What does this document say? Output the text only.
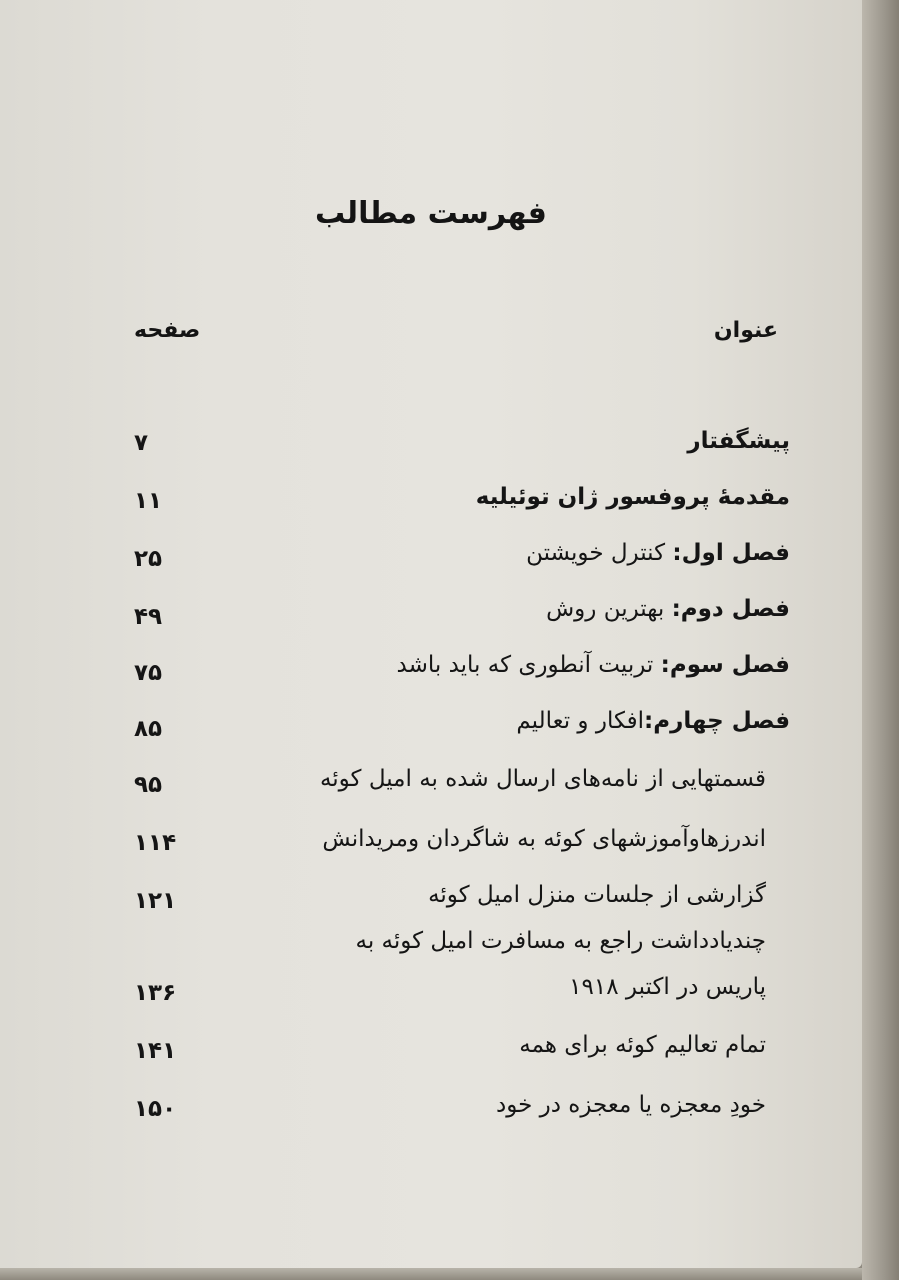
فهرست مطالب
عنوان
صفحه
پیشگفتار
۷
مقدمهٔ پروفسور ژان توئیلیه
۱۱
فصل اول: کنترل خویشتن
۲۵
فصل دوم: بهترین روش
۴۹
فصل سوم: تربیت آنطوری که باید باشد
۷۵
فصل چهارم:افکار و تعالیم
۸۵
قسمتهایی از نامه‌های ارسال شده به امیل کوئه
۹۵
اندرزهاوآموزشهای کوئه به شاگردان ومریدانش
۱۱۴
گزارشی از جلسات منزل امیل کوئه
۱۲۱
چندیادداشت راجع به مسافرت امیل کوئه به
پاریس در اکتبر ۱۹۱۸
۱۳۶
تمام تعالیم کوئه برای همه
۱۴۱
خودِ معجزه یا معجزه در خود
۱۵۰
